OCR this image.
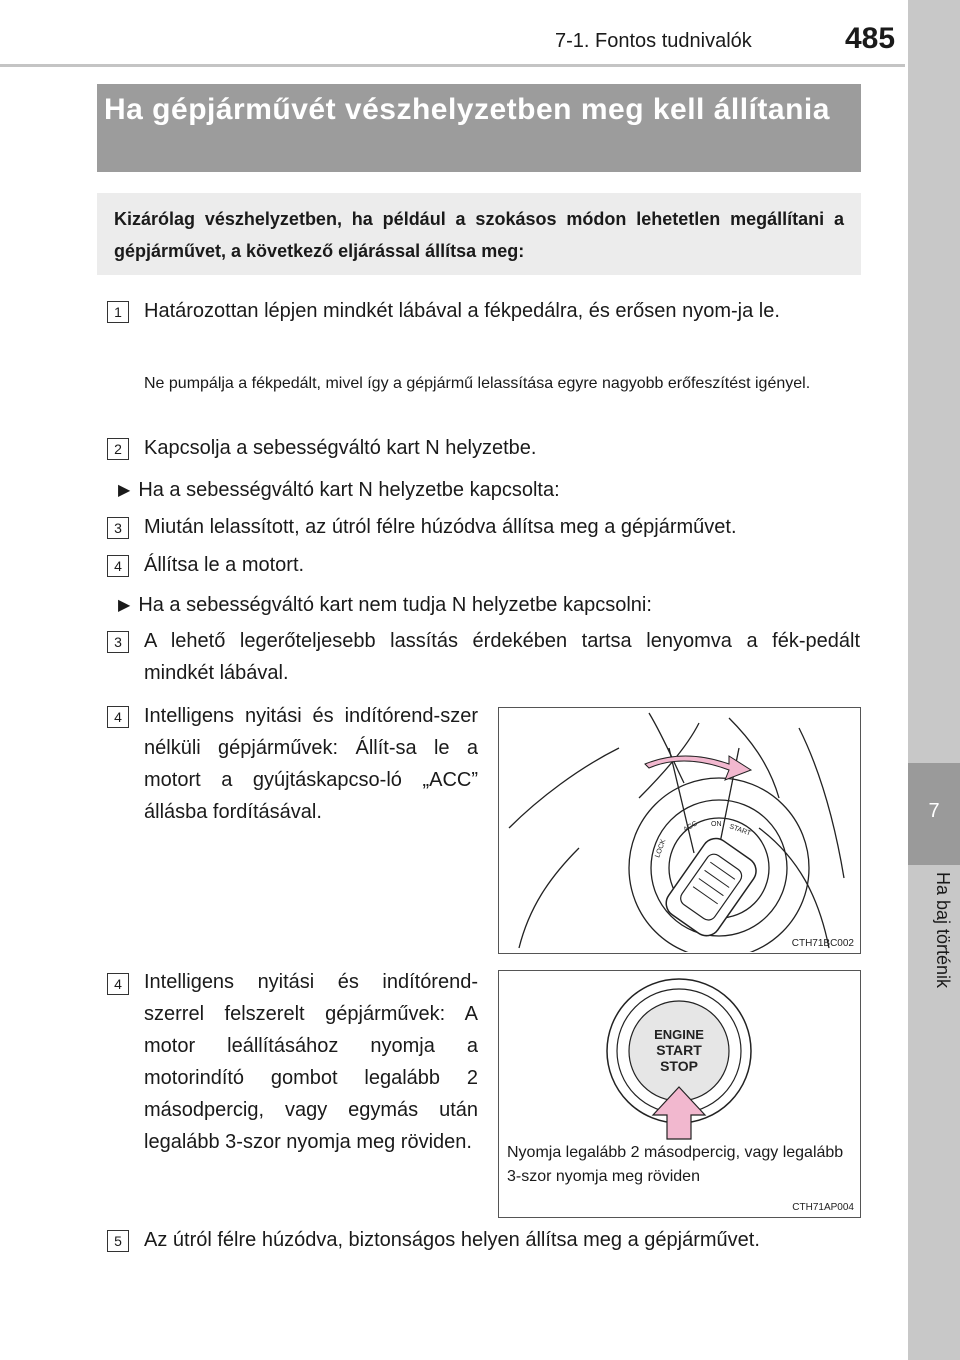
7-1. Fontos tudnivalók	485
7
Ha baj történik
Ha gépjárművét vészhelyzetben meg kell állítania
Kizárólag vészhelyzetben, ha például a szokásos módon lehetetlen megállítani a gépjárművet, a következő eljárással állítsa meg:
1	Határozottan lépjen mindkét lábával a fékpedálra, és erősen nyom-ja le.
Ne pumpálja a fékpedált, mivel így a gépjármű lelassítása egyre nagyobb erőfeszítést igényel.
2	Kapcsolja a sebességváltó kart N helyzetbe.
▶ Ha a sebességváltó kart N helyzetbe kapcsolta:
3	Miután lelassított, az útról félre húzódva állítsa meg a gépjárművet.
4	Állítsa le a motort.
▶ Ha a sebességváltó kart nem tudja N helyzetbe kapcsolni:
3	A lehető legerőteljesebb lassítás érdekében tartsa lenyomva a fék-pedált mindkét lábával.
4	Intelligens nyitási és indítórend-szer nélküli gépjárművek: Állít-sa le a motort a gyújtáskapcso-ló „ACC” állásba fordításával.
LOCK
ACC ON START
CTH71BC002
4	Intelligens nyitási és indítórend-szerrel felszerelt gépjárművek: A motor leállításához nyomja a motorindító gombot legalább 2 másodpercig, vagy egymás után legalább 3-szor nyomja meg röviden.
ENGINE
START
STOP
Nyomja legalább 2 másodpercig, vagy legalább 3-szor nyomja meg röviden
CTH71AP004
5	Az útról félre húzódva, biztonságos helyen állítsa meg a gépjárművet.
